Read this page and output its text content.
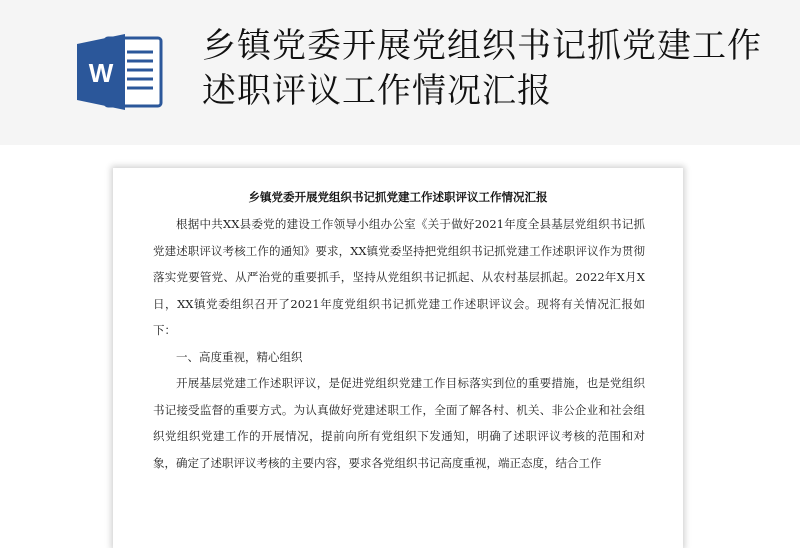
W
乡镇党委开展党组织书记抓党建工作述职评议工作情况汇报
乡镇党委开展党组织书记抓党建工作述职评议工作情况汇报

根据中共XX县委党的建设工作领导小组办公室《关于做好2021年度全县基层党组织书记抓党建述职评议考核工作的通知》要求，XX镇党委坚持把党组织书记抓党建工作述职评议作为贯彻落实党要管党、从严治党的重要抓手，坚持从党组织书记抓起、从农村基层抓起。2022年X月X日，XX镇党委组织召开了2021年度党组织书记抓党建工作述职评议会。现将有关情况汇报如下：

一、高度重视，精心组织

开展基层党建工作述职评议，是促进党组织党建工作目标落实到位的重要措施，也是党组织书记接受监督的重要方式。为认真做好党建述职工作，全面了解各村、机关、非公企业和社会组织党组织党建工作的开展情况，提前向所有党组织下发通知，明确了述职评议考核的范围和对象，确定了述职评议考核的主要内容，要求各党组织书记高度重视，端正态度，结合工作
